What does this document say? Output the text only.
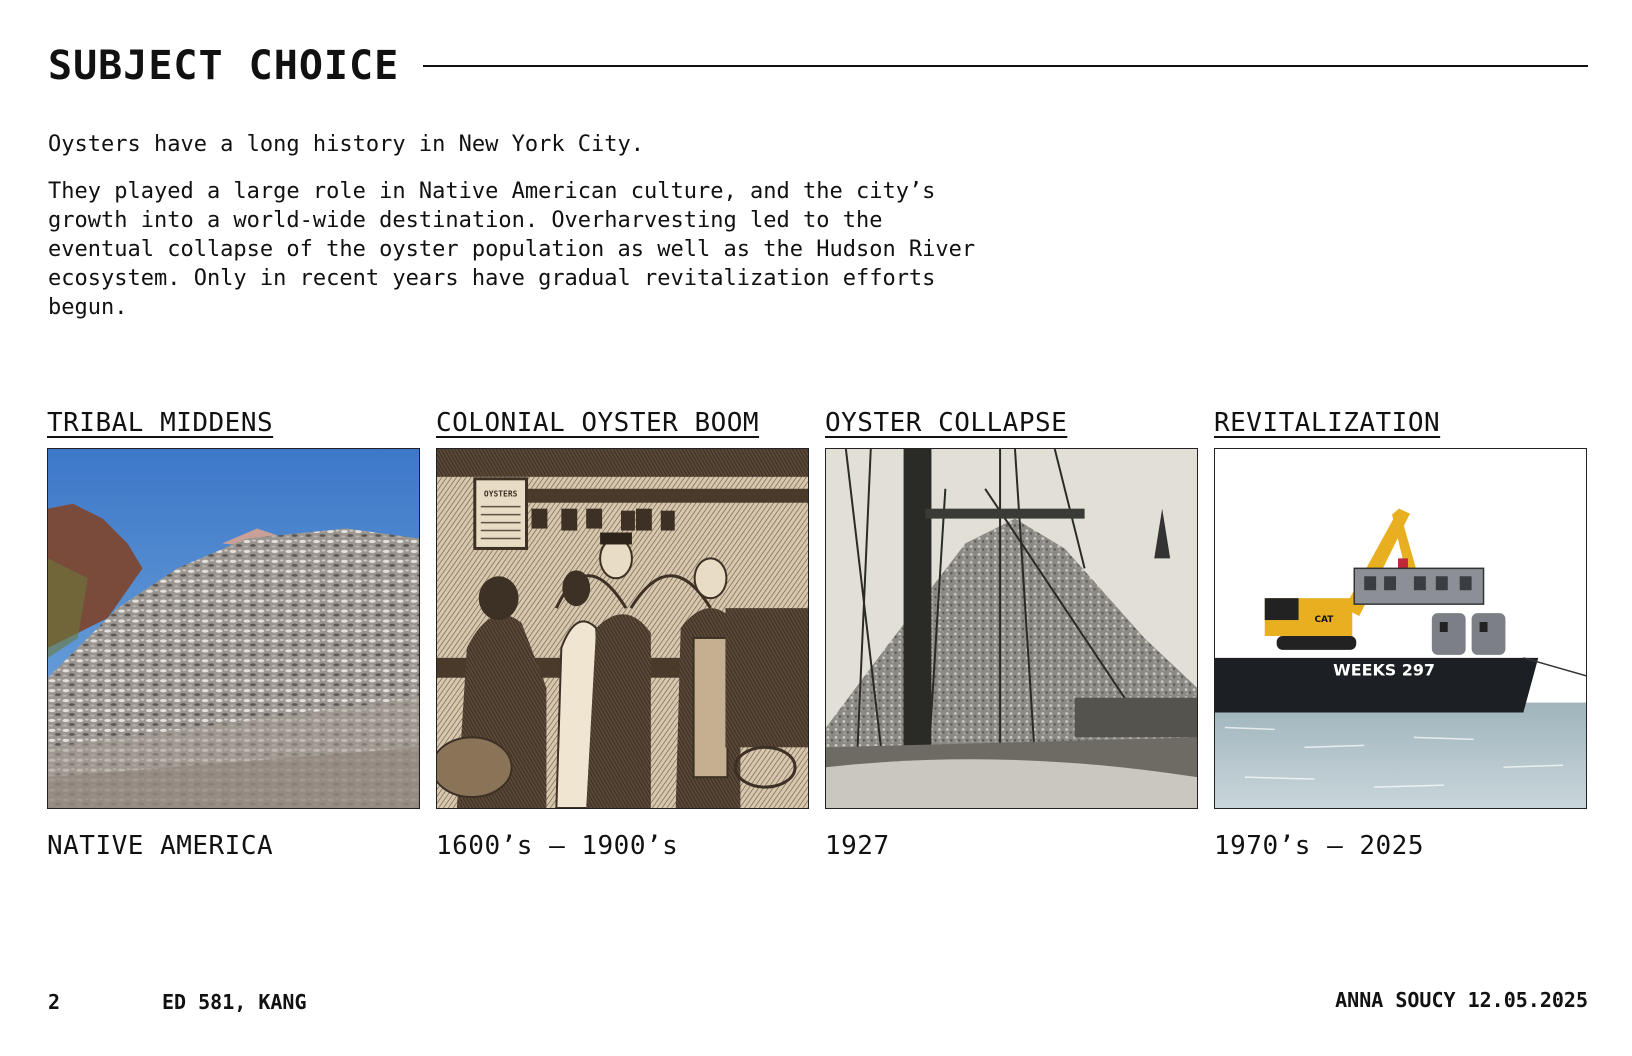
SUBJECT CHOICE

Oysters have a long history in New York City.

They played a large role in Native American culture, and the city’s growth into a world-wide destination. Overharvesting led to the eventual collapse of the oyster population as well as the Hudson River ecosystem. Only in recent years have gradual revitalization efforts begun.

TRIBAL MIDDENS
NATIVE AMERICA
COLONIAL OYSTER BOOM
OYSTERS
1600’s – 1900’s
OYSTER COLLAPSE
1927
REVITALIZATION
WEEKS 297
CAT
1970’s – 2025
2	ED 581, KANG	ANNA SOUCY 12.05.2025
